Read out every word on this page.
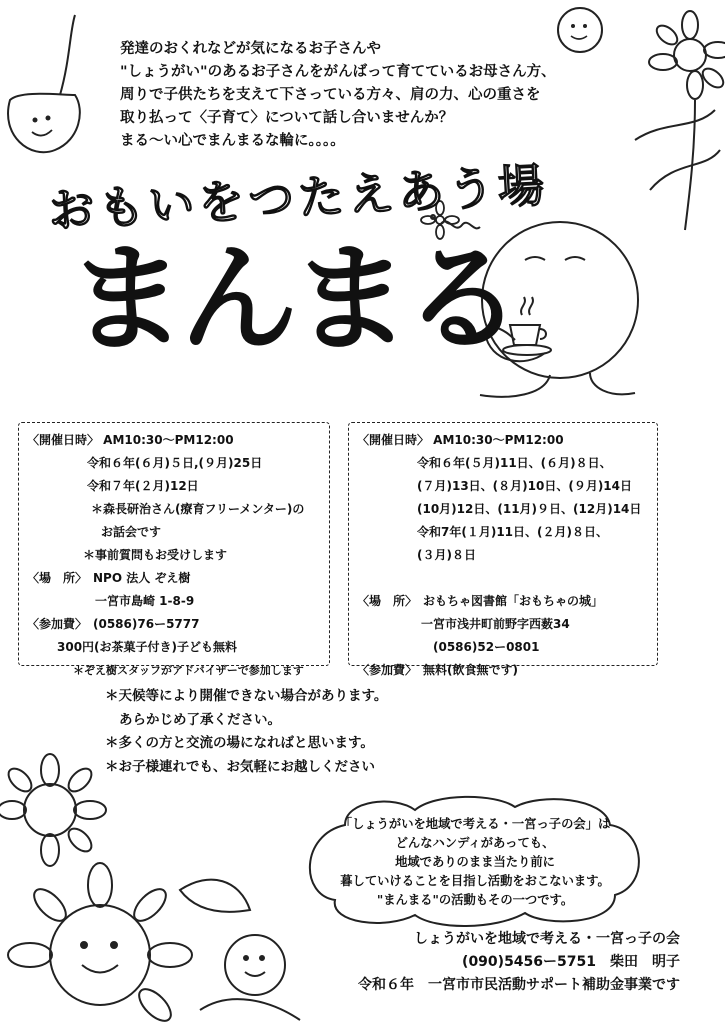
発達のおくれなどが気になるお子さんや
"しょうがい"のあるお子さんをがんばって育てているお母さん方、
周りで子供たちを支えて下さっている方々、肩の力、心の重さを
取り払って〈子育て〉について話し合いませんか？
まる〜い心でまんまるな輪に。。。。
おもいをつたえあう場
まんまる
〈開催日時〉 AM10:30〜PM12:00
令和６年(６月)５日,(９月)25日
令和７年(２月)12日
＊森長研治さん(療育フリーメンター)の
お話会です
＊事前質問もお受けします
〈場　所〉　NPO 法人 ぞえ樹
一宮市島崎 1-8-9
〈参加費〉　(0586)76ー5777
300円(お茶菓子付き)子ども無料
＊ぞえ樹スタッフがアドバイザーで参加します
〈開催日時〉 AM10:30〜PM12:00
令和６年(５月)11日、(６月)８日、
(７月)13日、(８月)10日、(９月)14日
(10月)12日、(11月)９日、(12月)14日
令和7年(１月)11日、(２月)８日、
(３月)８日
〈場　所〉　おもちゃ図書館「おもちゃの城」
一宮市浅井町前野字西薮34
(0586)52ー0801
〈参加費〉　無料(飲食無です)
＊天候等により開催できない場合があります。
あらかじめ了承ください。
＊多くの方と交流の場になればと思います。
＊お子様連れでも、お気軽にお越しください
「しょうがいを地域で考える・一宮っ子の会」は
どんなハンディがあっても、
地域でありのまま当たり前に
暮していけることを目指し活動をおこないます。
"まんまる"の活動もその一つです。
しょうがいを地域で考える・一宮っ子の会
(090)5456ー5751　柴田　明子
令和６年　一宮市市民活動サポート補助金事業です
